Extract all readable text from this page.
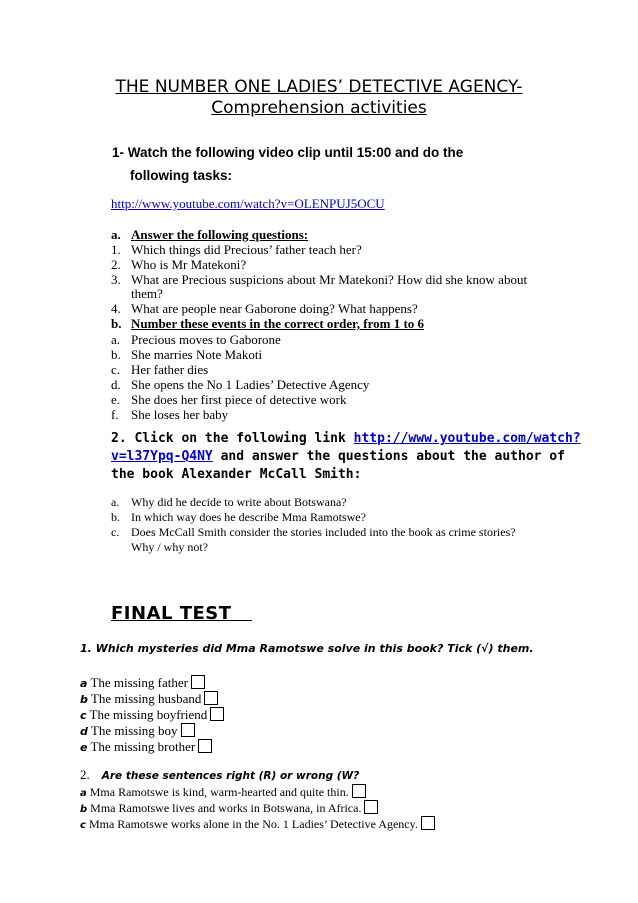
THE NUMBER ONE LADIES’ DETECTIVE AGENCY-
Comprehension activities
1- Watch the following video clip until 15:00 and do the
following tasks:
http://www.youtube.com/watch?v=OLENPUJ5OCU
a. Answer the following questions:
1. Which things did Precious’ father teach her?
2. Who is Mr Matekoni?
3. What are Precious suspicions about Mr Matekoni? How did she know about
them?
4. What are people near Gaborone doing? What happens?
b. Number these events in the correct order, from 1 to 6
a. Precious moves to Gaborone
b. She marries Note Makoti
c. Her father dies
d. She opens the No 1 Ladies’ Detective Agency
e. She does her first piece of detective work
f. She loses her baby
2. Click on the following link http://www.youtube.com/watch?
v=l37Ypq-Q4NY and answer the questions about the author of
the book Alexander McCall Smith:
a. Why did he decide to write about Botswana?
b. In which way does he describe Mma Ramotswe?
c. Does McCall Smith consider the stories included into the book as crime stories?
Why / why not?
FINAL TEST
1. Which mysteries did Mma Ramotswe solve in this book? Tick (√) them.
a The missing father
b The missing husband
c The missing boyfriend
d The missing boy
e The missing brother
2. Are these sentences right (R) or wrong (W?
a Mma Ramotswe is kind, warm-hearted and quite thin.
b Mma Ramotswe lives and works in Botswana, in Africa.
c Mma Ramotswe works alone in the No. 1 Ladies’ Detective Agency.
